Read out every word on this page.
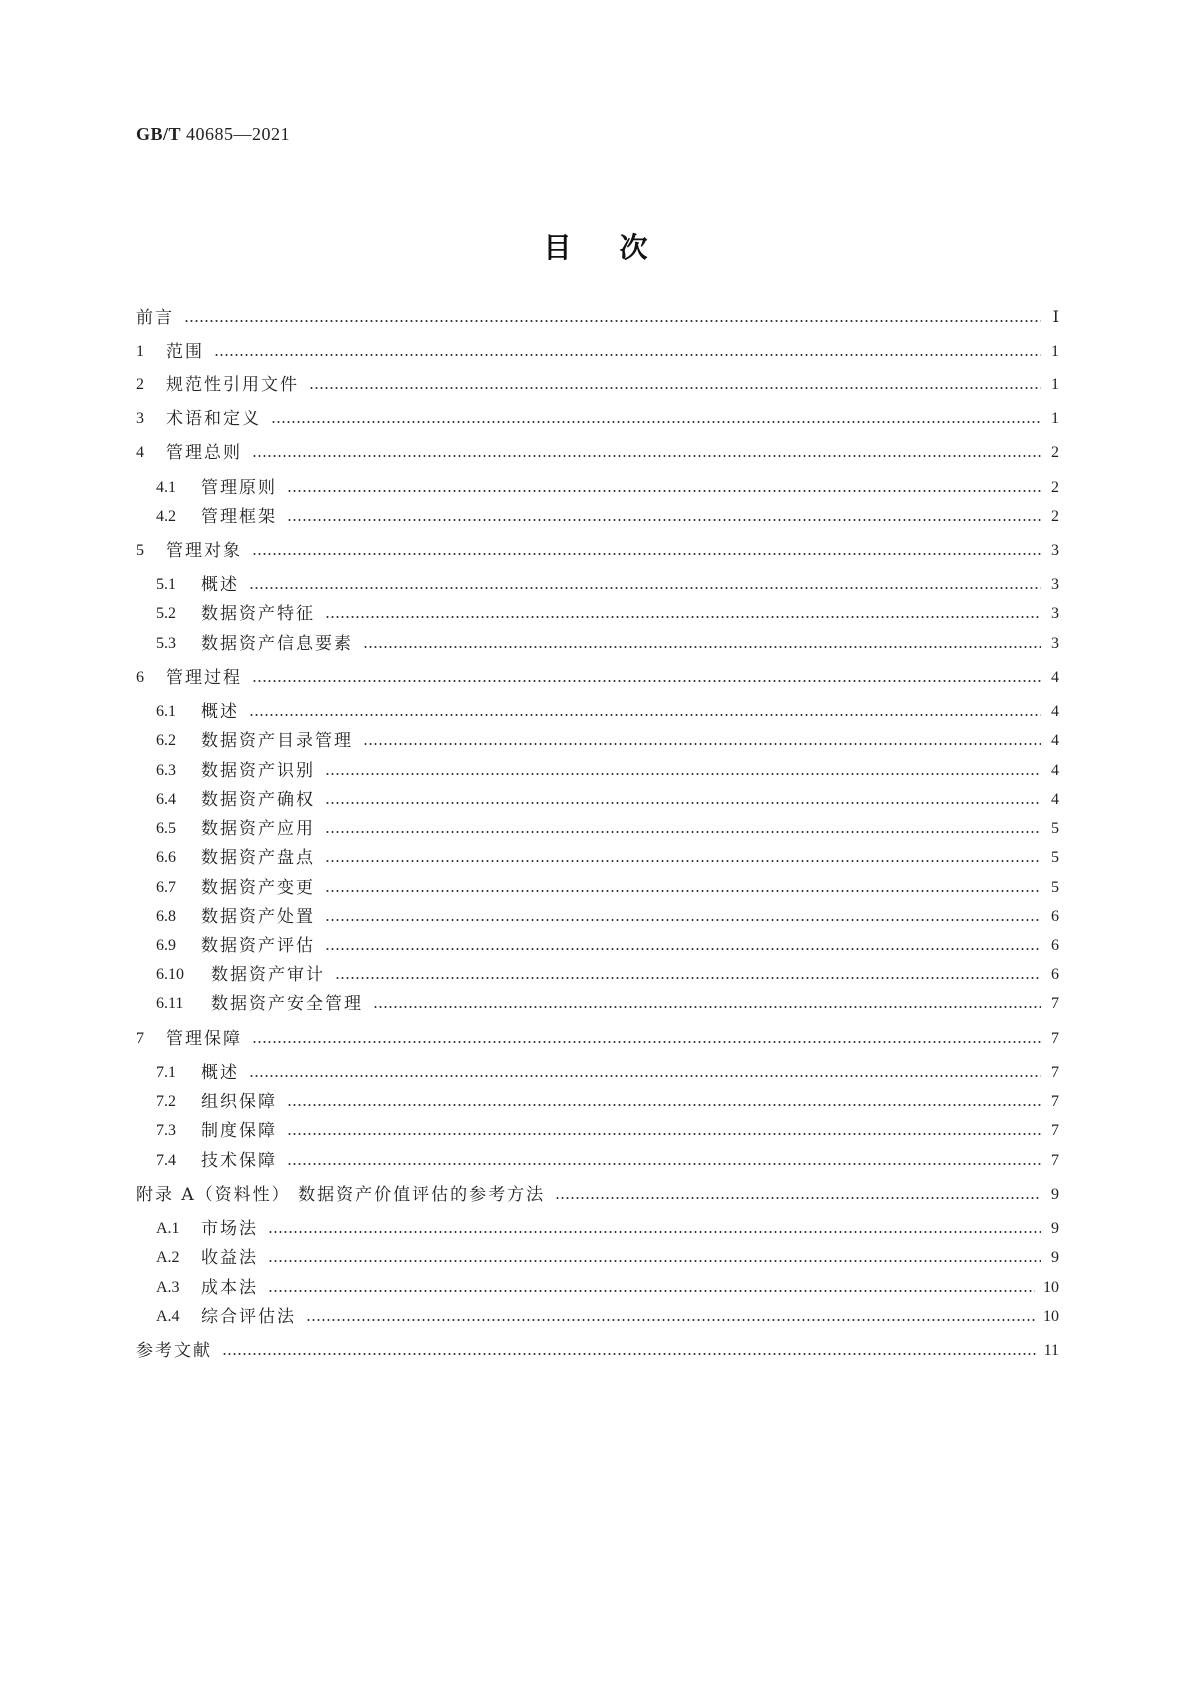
GB/T 40685—2021
目次
前言	Ⅰ
1	范围	1
2	规范性引用文件	1
3	术语和定义	1
4	管理总则	2
4.1	管理原则	2
4.2	管理框架	2
5	管理对象	3
5.1	概述	3
5.2	数据资产特征	3
5.3	数据资产信息要素	3
6	管理过程	4
6.1	概述	4
6.2	数据资产目录管理	4
6.3	数据资产识别	4
6.4	数据资产确权	4
6.5	数据资产应用	5
6.6	数据资产盘点	5
6.7	数据资产变更	5
6.8	数据资产处置	6
6.9	数据资产评估	6
6.10	数据资产审计	6
6.11	数据资产安全管理	7
7	管理保障	7
7.1	概述	7
7.2	组织保障	7
7.3	制度保障	7
7.4	技术保障	7
附录 A（资料性） 数据资产价值评估的参考方法	9
A.1	市场法	9
A.2	收益法	9
A.3	成本法	10
A.4	综合评估法	10
参考文献	11
